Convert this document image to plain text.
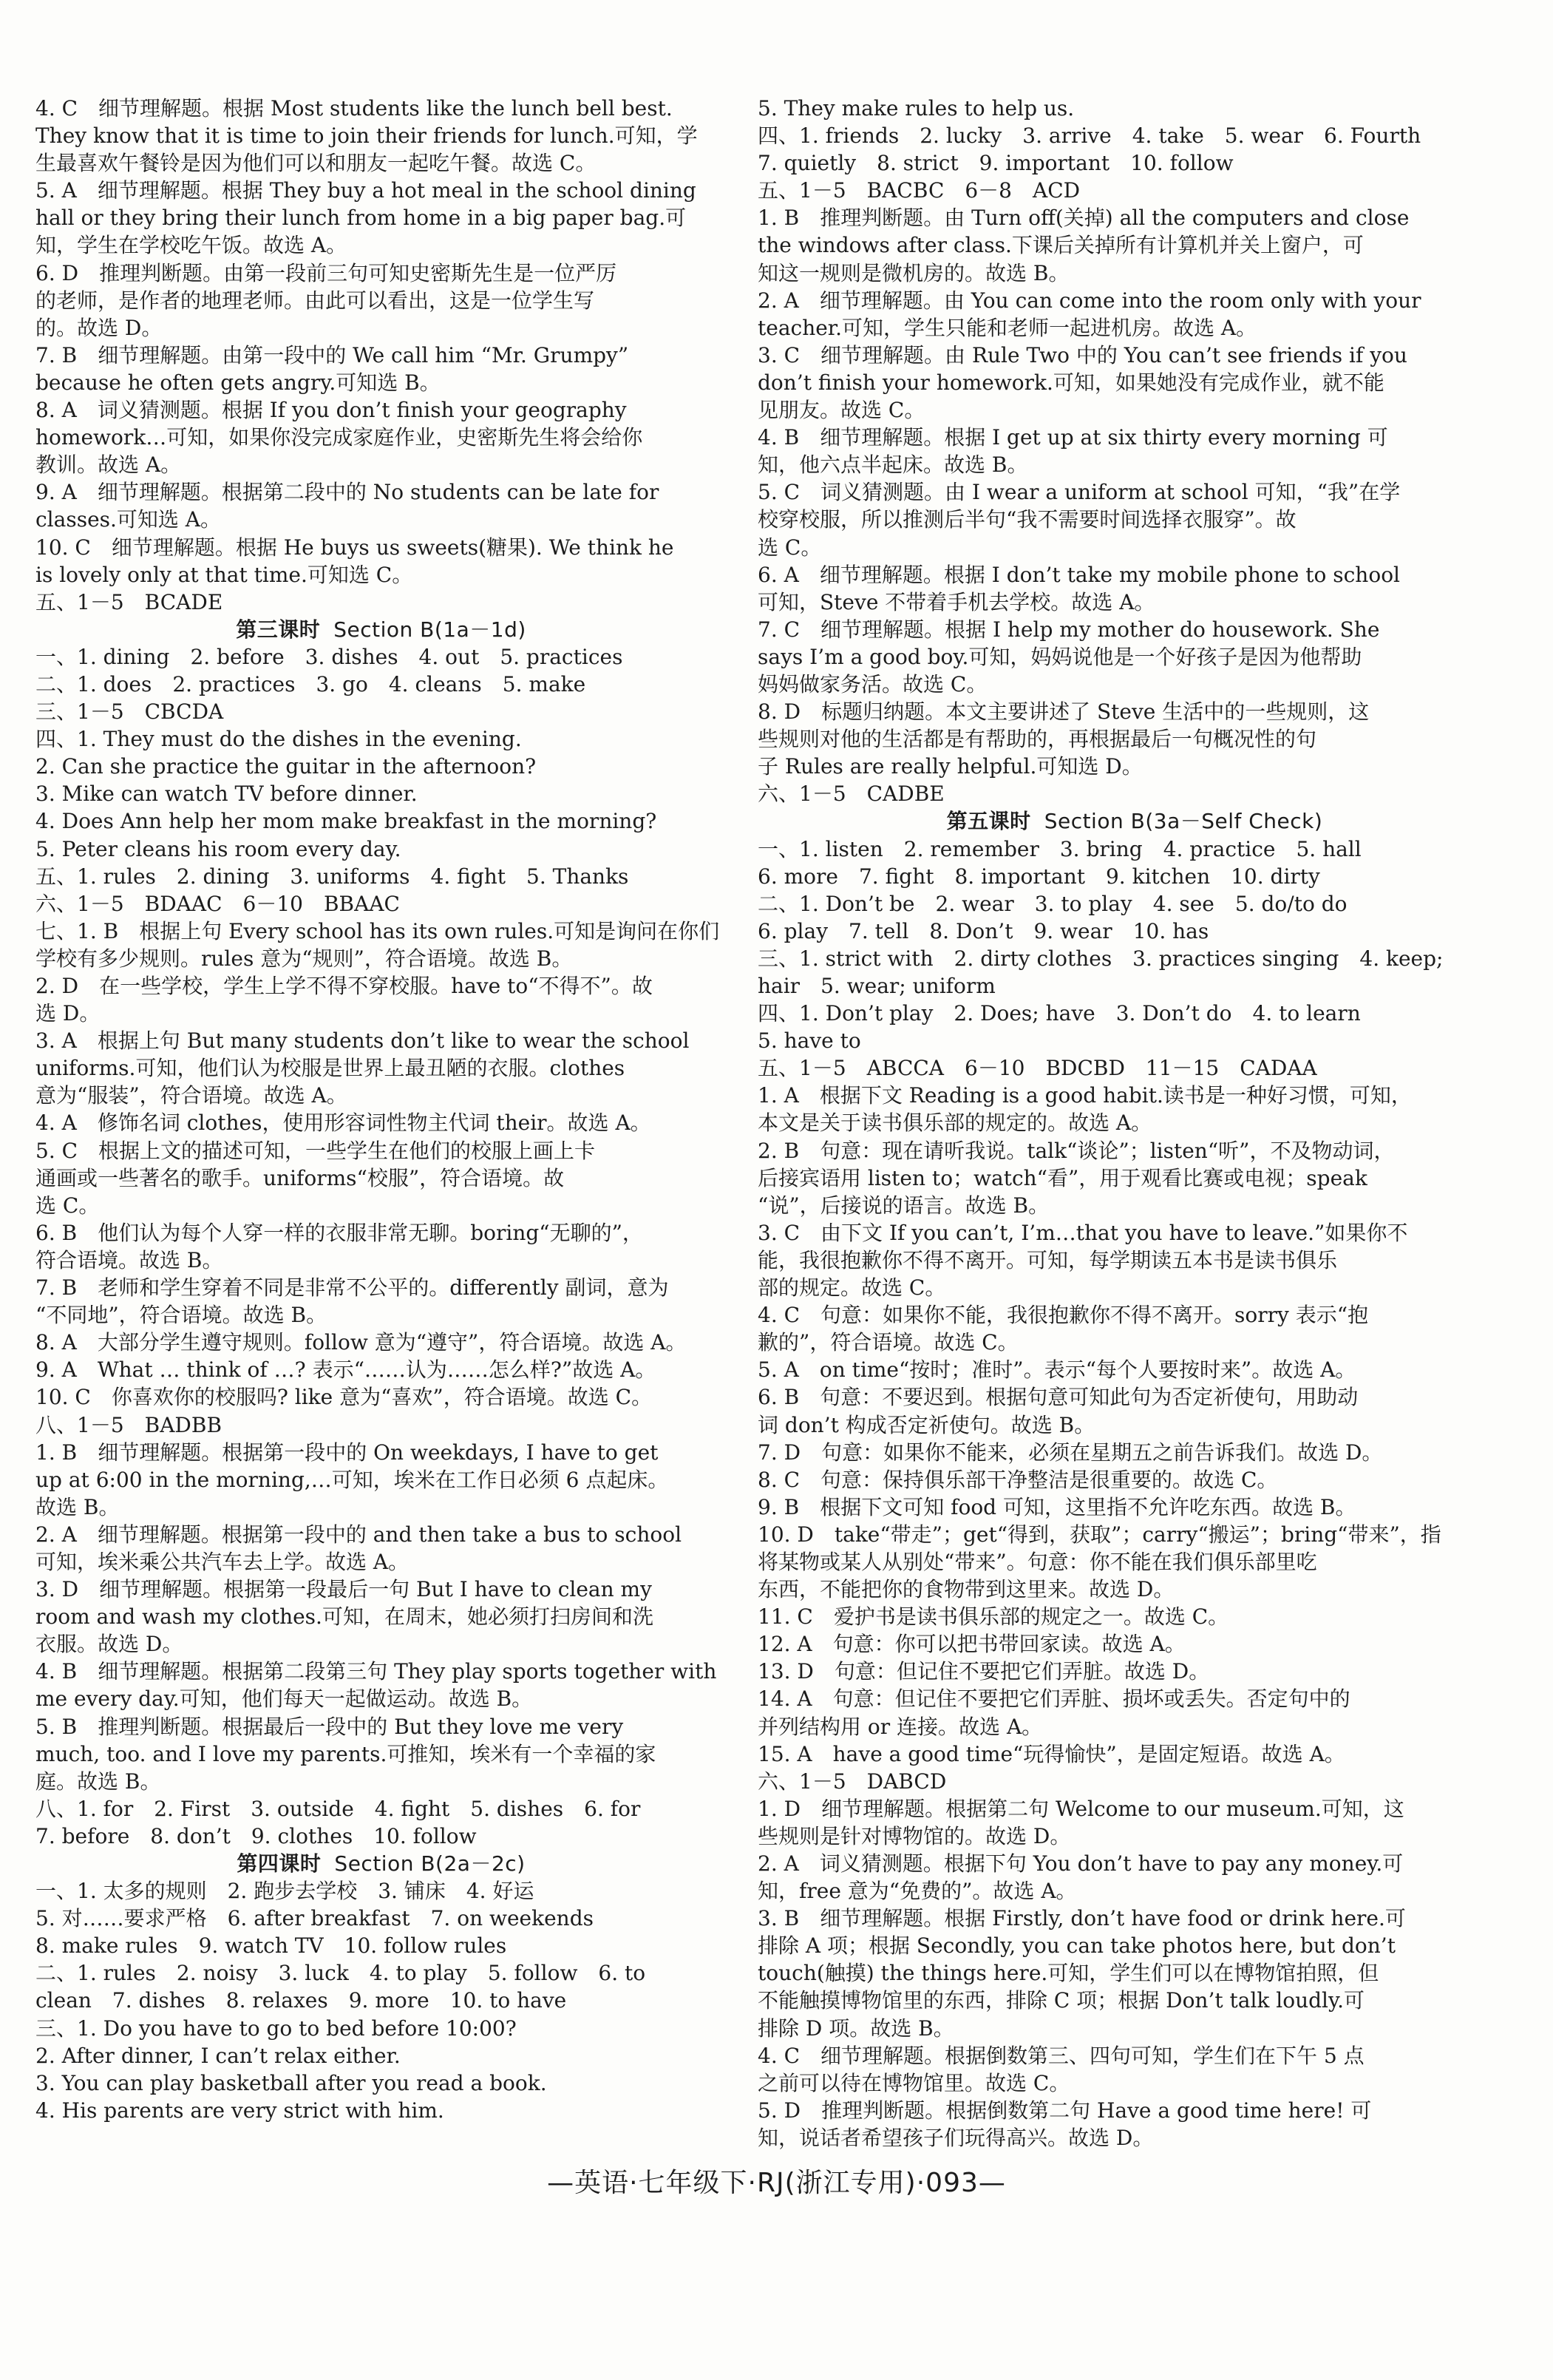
4. C　细节理解题。根据 Most students like the lunch bell best.
They know that it is time to join their friends for lunch.可知，学
生最喜欢午餐铃是因为他们可以和朋友一起吃午餐。故选 C。
5. A　细节理解题。根据 They buy a hot meal in the school dining
hall or they bring their lunch from home in a big paper bag.可
知，学生在学校吃午饭。故选 A。
6. D　推理判断题。由第一段前三句可知史密斯先生是一位严厉
的老师，是作者的地理老师。由此可以看出，这是一位学生写
的。故选 D。
7. B　细节理解题。由第一段中的 We call him “Mr. Grumpy”
because he often gets angry.可知选 B。
8. A　词义猜测题。根据 If you don’t finish your geography
homework…可知，如果你没完成家庭作业，史密斯先生将会给你
教训。故选 A。
9. A　细节理解题。根据第二段中的 No students can be late for
classes.可知选 A。
10. C　细节理解题。根据 He buys us sweets(糖果). We think he
is lovely only at that time.可知选 C。
五、1－5　BCADE
第三课时 Section B(1a－1d)
一、1. dining　2. before　3. dishes　4. out　5. practices
二、1. does　2. practices　3. go　4. cleans　5. make
三、1－5　CBCDA
四、1. They must do the dishes in the evening.
2. Can she practice the guitar in the afternoon?
3. Mike can watch TV before dinner.
4. Does Ann help her mom make breakfast in the morning?
5. Peter cleans his room every day.
五、1. rules　2. dining　3. uniforms　4. fight　5. Thanks
六、1－5　BDAAC　6－10　BBAAC
七、1. B　根据上句 Every school has its own rules.可知是询问在你们
学校有多少规则。rules 意为“规则”，符合语境。故选 B。
2. D　在一些学校，学生上学不得不穿校服。have to“不得不”。故
选 D。
3. A　根据上句 But many students don’t like to wear the school
uniforms.可知，他们认为校服是世界上最丑陋的衣服。clothes
意为“服装”，符合语境。故选 A。
4. A　修饰名词 clothes，使用形容词性物主代词 their。故选 A。
5. C　根据上文的描述可知，一些学生在他们的校服上画上卡
通画或一些著名的歌手。uniforms“校服”，符合语境。故
选 C。
6. B　他们认为每个人穿一样的衣服非常无聊。boring“无聊的”，
符合语境。故选 B。
7. B　老师和学生穿着不同是非常不公平的。differently 副词，意为
“不同地”，符合语境。故选 B。
8. A　大部分学生遵守规则。follow 意为“遵守”，符合语境。故选 A。
9. A　What … think of …? 表示“……认为……怎么样?”故选 A。
10. C　你喜欢你的校服吗? like 意为“喜欢”，符合语境。故选 C。
八、1－5　BADBB
1. B　细节理解题。根据第一段中的 On weekdays, I have to get
up at 6:00 in the morning,…可知，埃米在工作日必须 6 点起床。
故选 B。
2. A　细节理解题。根据第一段中的 and then take a bus to school
可知，埃米乘公共汽车去上学。故选 A。
3. D　细节理解题。根据第一段最后一句 But I have to clean my
room and wash my clothes.可知，在周末，她必须打扫房间和洗
衣服。故选 D。
4. B　细节理解题。根据第二段第三句 They play sports together with
me every day.可知，他们每天一起做运动。故选 B。
5. B　推理判断题。根据最后一段中的 But they love me very
much, too. and I love my parents.可推知，埃米有一个幸福的家
庭。故选 B。
八、1. for　2. First　3. outside　4. fight　5. dishes　6. for
7. before　8. don’t　9. clothes　10. follow
第四课时 Section B(2a－2c)
一、1. 太多的规则　2. 跑步去学校　3. 铺床　4. 好运
5. 对……要求严格　6. after breakfast　7. on weekends
8. make rules　9. watch TV　10. follow rules
二、1. rules　2. noisy　3. luck　4. to play　5. follow　6. to
clean　7. dishes　8. relaxes　9. more　10. to have
三、1. Do you have to go to bed before 10:00?
2. After dinner, I can’t relax either.
3. You can play basketball after you read a book.
4. His parents are very strict with him.
5. They make rules to help us.
四、1. friends　2. lucky　3. arrive　4. take　5. wear　6. Fourth
7. quietly　8. strict　9. important　10. follow
五、1－5　BACBC　6－8　ACD
1. B　推理判断题。由 Turn off(关掉) all the computers and close
the windows after class.下课后关掉所有计算机并关上窗户，可
知这一规则是微机房的。故选 B。
2. A　细节理解题。由 You can come into the room only with your
teacher.可知，学生只能和老师一起进机房。故选 A。
3. C　细节理解题。由 Rule Two 中的 You can’t see friends if you
don’t finish your homework.可知，如果她没有完成作业，就不能
见朋友。故选 C。
4. B　细节理解题。根据 I get up at six thirty every morning 可
知，他六点半起床。故选 B。
5. C　词义猜测题。由 I wear a uniform at school 可知，“我”在学
校穿校服，所以推测后半句“我不需要时间选择衣服穿”。故
选 C。
6. A　细节理解题。根据 I don’t take my mobile phone to school
可知，Steve 不带着手机去学校。故选 A。
7. C　细节理解题。根据 I help my mother do housework. She
says I’m a good boy.可知，妈妈说他是一个好孩子是因为他帮助
妈妈做家务活。故选 C。
8. D　标题归纳题。本文主要讲述了 Steve 生活中的一些规则，这
些规则对他的生活都是有帮助的，再根据最后一句概况性的句
子 Rules are really helpful.可知选 D。
六、1－5　CADBE
第五课时 Section B(3a－Self Check)
一、1. listen　2. remember　3. bring　4. practice　5. hall
6. more　7. fight　8. important　9. kitchen　10. dirty
二、1. Don’t be　2. wear　3. to play　4. see　5. do/to do
6. play　7. tell　8. Don’t　9. wear　10. has
三、1. strict with　2. dirty clothes　3. practices singing　4. keep;
hair　5. wear; uniform
四、1. Don’t play　2. Does; have　3. Don’t do　4. to learn
5. have to
五、1－5　ABCCA　6－10　BDCBD　11－15　CADAA
1. A　根据下文 Reading is a good habit.读书是一种好习惯，可知，
本文是关于读书俱乐部的规定的。故选 A。
2. B　句意：现在请听我说。talk“谈论”；listen“听”，不及物动词，
后接宾语用 listen to；watch“看”，用于观看比赛或电视；speak
“说”，后接说的语言。故选 B。
3. C　由下文 If you can’t, I’m…that you have to leave.”如果你不
能，我很抱歉你不得不离开。可知，每学期读五本书是读书俱乐
部的规定。故选 C。
4. C　句意：如果你不能，我很抱歉你不得不离开。sorry 表示“抱
歉的”，符合语境。故选 C。
5. A　on time“按时；准时”。表示“每个人要按时来”。故选 A。
6. B　句意：不要迟到。根据句意可知此句为否定祈使句，用助动
词 don’t 构成否定祈使句。故选 B。
7. D　句意：如果你不能来，必须在星期五之前告诉我们。故选 D。
8. C　句意：保持俱乐部干净整洁是很重要的。故选 C。
9. B　根据下文可知 food 可知，这里指不允许吃东西。故选 B。
10. D　take“带走”；get“得到，获取”；carry“搬运”；bring“带来”，指
将某物或某人从别处“带来”。句意：你不能在我们俱乐部里吃
东西，不能把你的食物带到这里来。故选 D。
11. C　爱护书是读书俱乐部的规定之一。故选 C。
12. A　句意：你可以把书带回家读。故选 A。
13. D　句意：但记住不要把它们弄脏。故选 D。
14. A　句意：但记住不要把它们弄脏、损坏或丢失。否定句中的
并列结构用 or 连接。故选 A。
15. A　have a good time“玩得愉快”，是固定短语。故选 A。
六、1－5　DABCD
1. D　细节理解题。根据第二句 Welcome to our museum.可知，这
些规则是针对博物馆的。故选 D。
2. A　词义猜测题。根据下句 You don’t have to pay any money.可
知，free 意为“免费的”。故选 A。
3. B　细节理解题。根据 Firstly, don’t have food or drink here.可
排除 A 项；根据 Secondly, you can take photos here, but don’t
touch(触摸) the things here.可知，学生们可以在博物馆拍照，但
不能触摸博物馆里的东西，排除 C 项；根据 Don’t talk loudly.可
排除 D 项。故选 B。
4. C　细节理解题。根据倒数第三、四句可知，学生们在下午 5 点
之前可以待在博物馆里。故选 C。
5. D　推理判断题。根据倒数第二句 Have a good time here! 可
知，说话者希望孩子们玩得高兴。故选 D。
—英语·七年级下·RJ(浙江专用)·093—
